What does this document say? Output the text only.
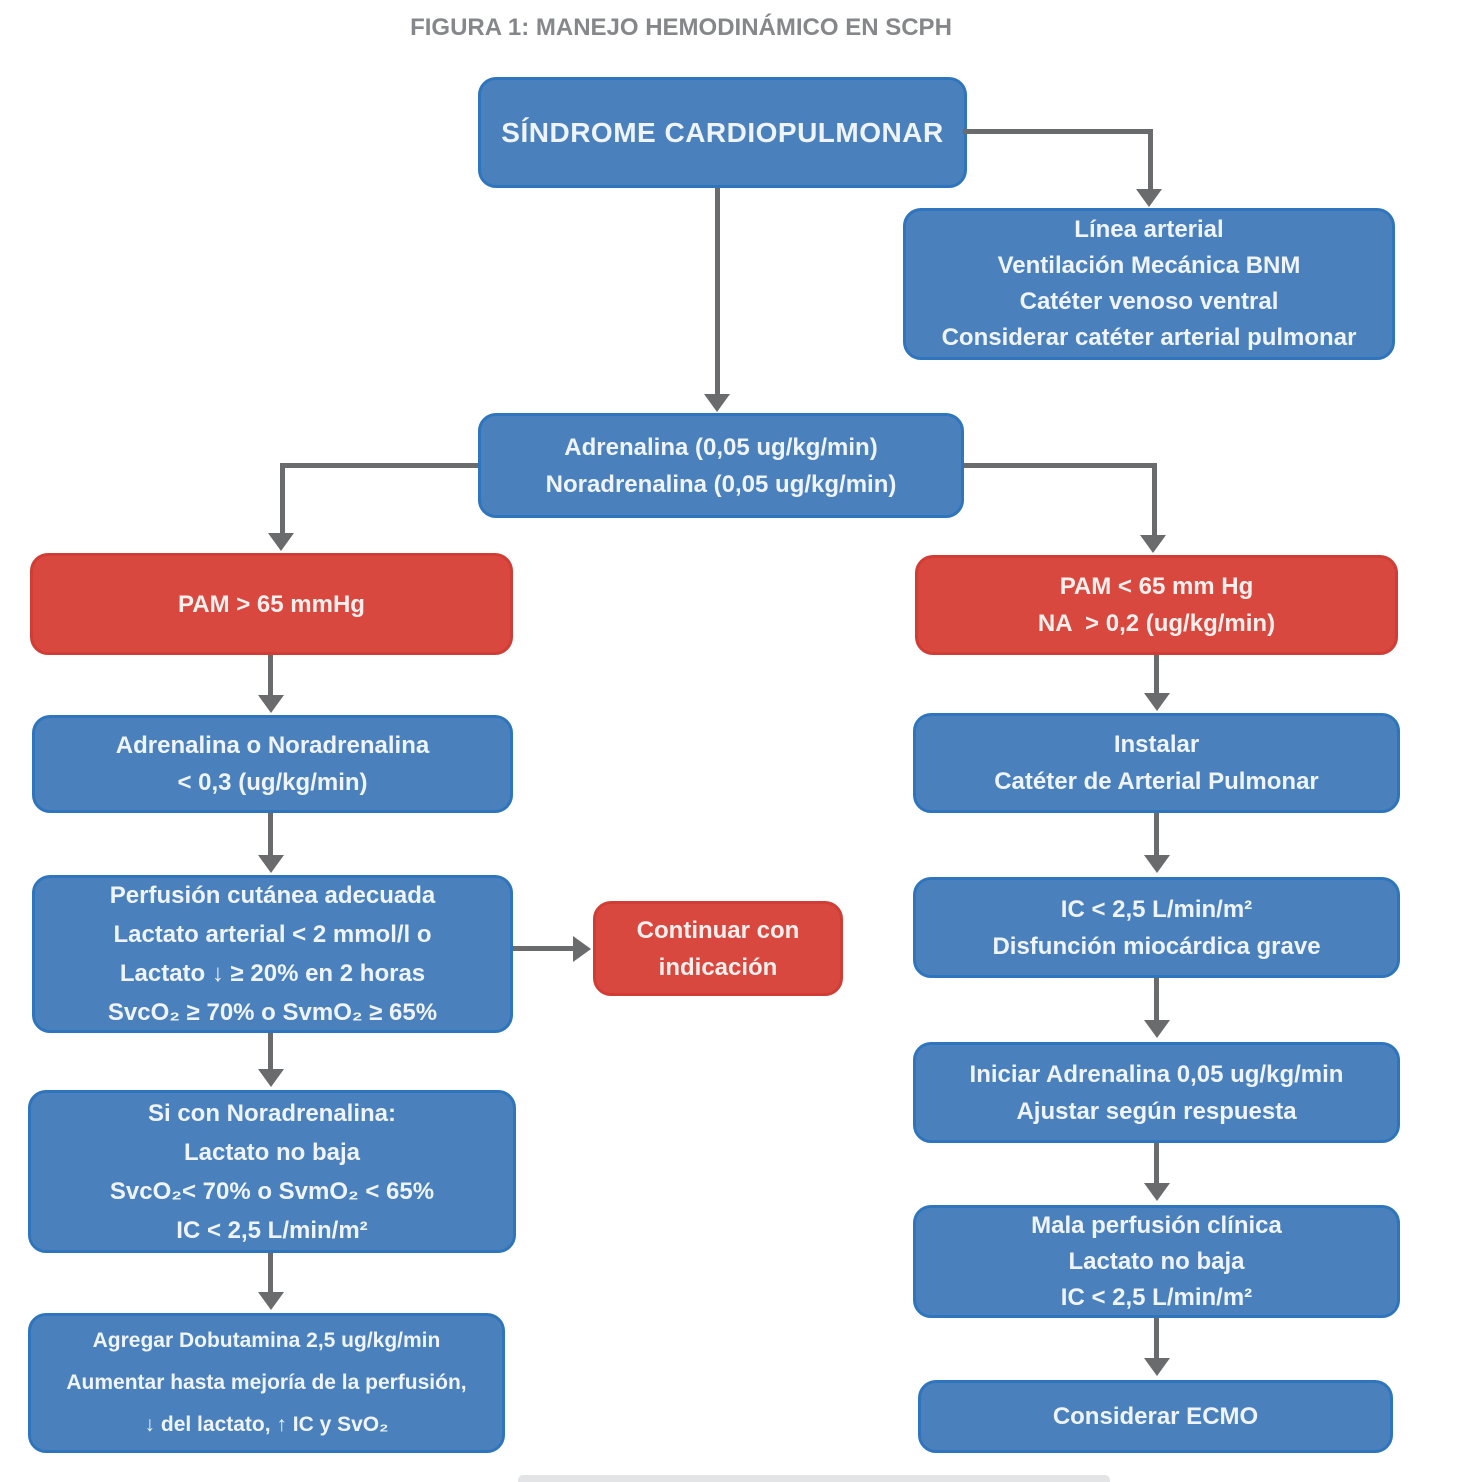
FIGURA 1: MANEJO HEMODINÁMICO EN SCPH
SÍNDROME CARDIOPULMONAR
Línea arterial
Ventilación Mecánica BNM
Catéter venoso ventral
Considerar catéter arterial pulmonar
Adrenalina (0,05 ug/kg/min)
Noradrenalina (0,05 ug/kg/min)
PAM > 65 mmHg
PAM < 65 mm Hg
NA  > 0,2 (ug/kg/min)
Adrenalina o Noradrenalina
< 0,3 (ug/kg/min)
Perfusión cutánea adecuada
Lactato arterial < 2 mmol/l o
Lactato ↓ ≥ 20% en 2 horas
SvcO₂ ≥ 70% o SvmO₂ ≥ 65%
Continuar con
indicación
Si con Noradrenalina:
Lactato no baja
SvcO₂< 70% o SvmO₂ < 65%
IC < 2,5 L/min/m²
Agregar Dobutamina 2,5 ug/kg/min
Aumentar hasta mejoría de la perfusión,
↓ del lactato, ↑ IC y SvO₂
Instalar
Catéter de Arterial Pulmonar
IC < 2,5 L/min/m²
Disfunción miocárdica grave
Iniciar Adrenalina 0,05 ug/kg/min
Ajustar según respuesta
Mala perfusión clínica
Lactato no baja
IC < 2,5 L/min/m²
Considerar ECMO
